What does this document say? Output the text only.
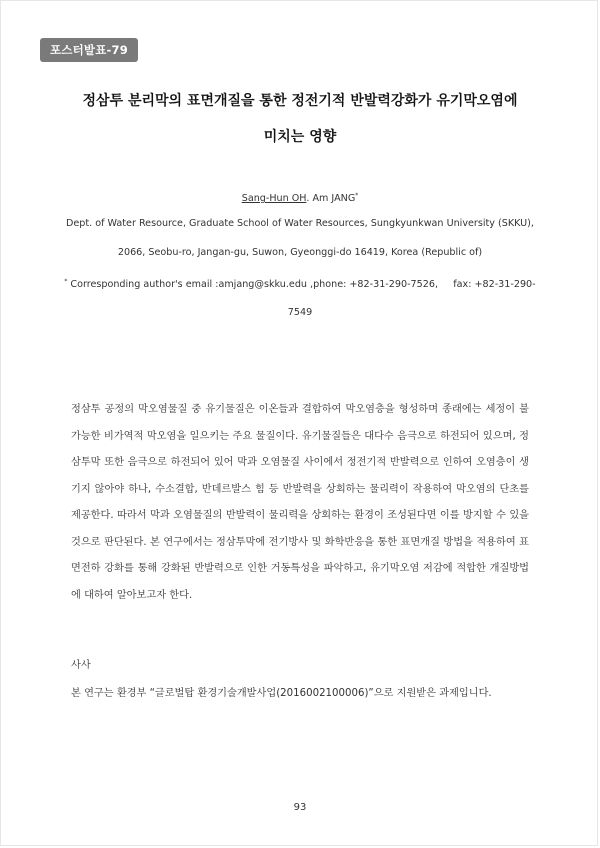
포스터발표-79
정삼투 분리막의 표면개질을 통한 정전기적 반발력강화가 유기막오염에
미치는 영향
Sang-Hun OH. Am JANG*
Dept. of Water Resource, Graduate School of Water Resources, Sungkyunkwan University (SKKU),
2066, Seobu-ro, Jangan-gu, Suwon, Gyeonggi-do 16419, Korea (Republic of)
* Corresponding author's email :amjang@skku.edu ,phone: +82-31-290-7526,     fax: +82-31-290-
7549
정삼투 공정의 막오염물질 중 유기물질은 이온들과 결합하여 막오염층을 형성하며 종래에는 세정이 불가능한 비가역적 막오염을 일으키는 주요 물질이다. 유기물질들은 대다수 음극으로 하전되어 있으며, 정삼투막 또한 음극으로 하전되어 있어 막과 오염물질 사이에서 정전기적 반발력으로 인하여 오염층이 생기지 않아야 하나, 수소결합, 반데르발스 힘 등 반발력을 상회하는 물리력이 작용하여 막오염의 단초를 제공한다. 따라서 막과 오염물질의 반발력이 물리력을 상회하는 환경이 조성된다면 이를 방지할 수 있을 것으로 판단된다. 본 연구에서는 정삼투막에 전기방사 및 화학반응을 통한 표면개질 방법을 적용하여 표면전하 강화를 통해 강화된 반발력으로 인한 거동특성을 파악하고, 유기막오염 저감에 적합한 개질방법에 대하여 알아보고자 한다.
사사
본 연구는 환경부 “글로벌탑 환경기술개발사업(2016002100006)”으로 지원받은 과제입니다.
93
